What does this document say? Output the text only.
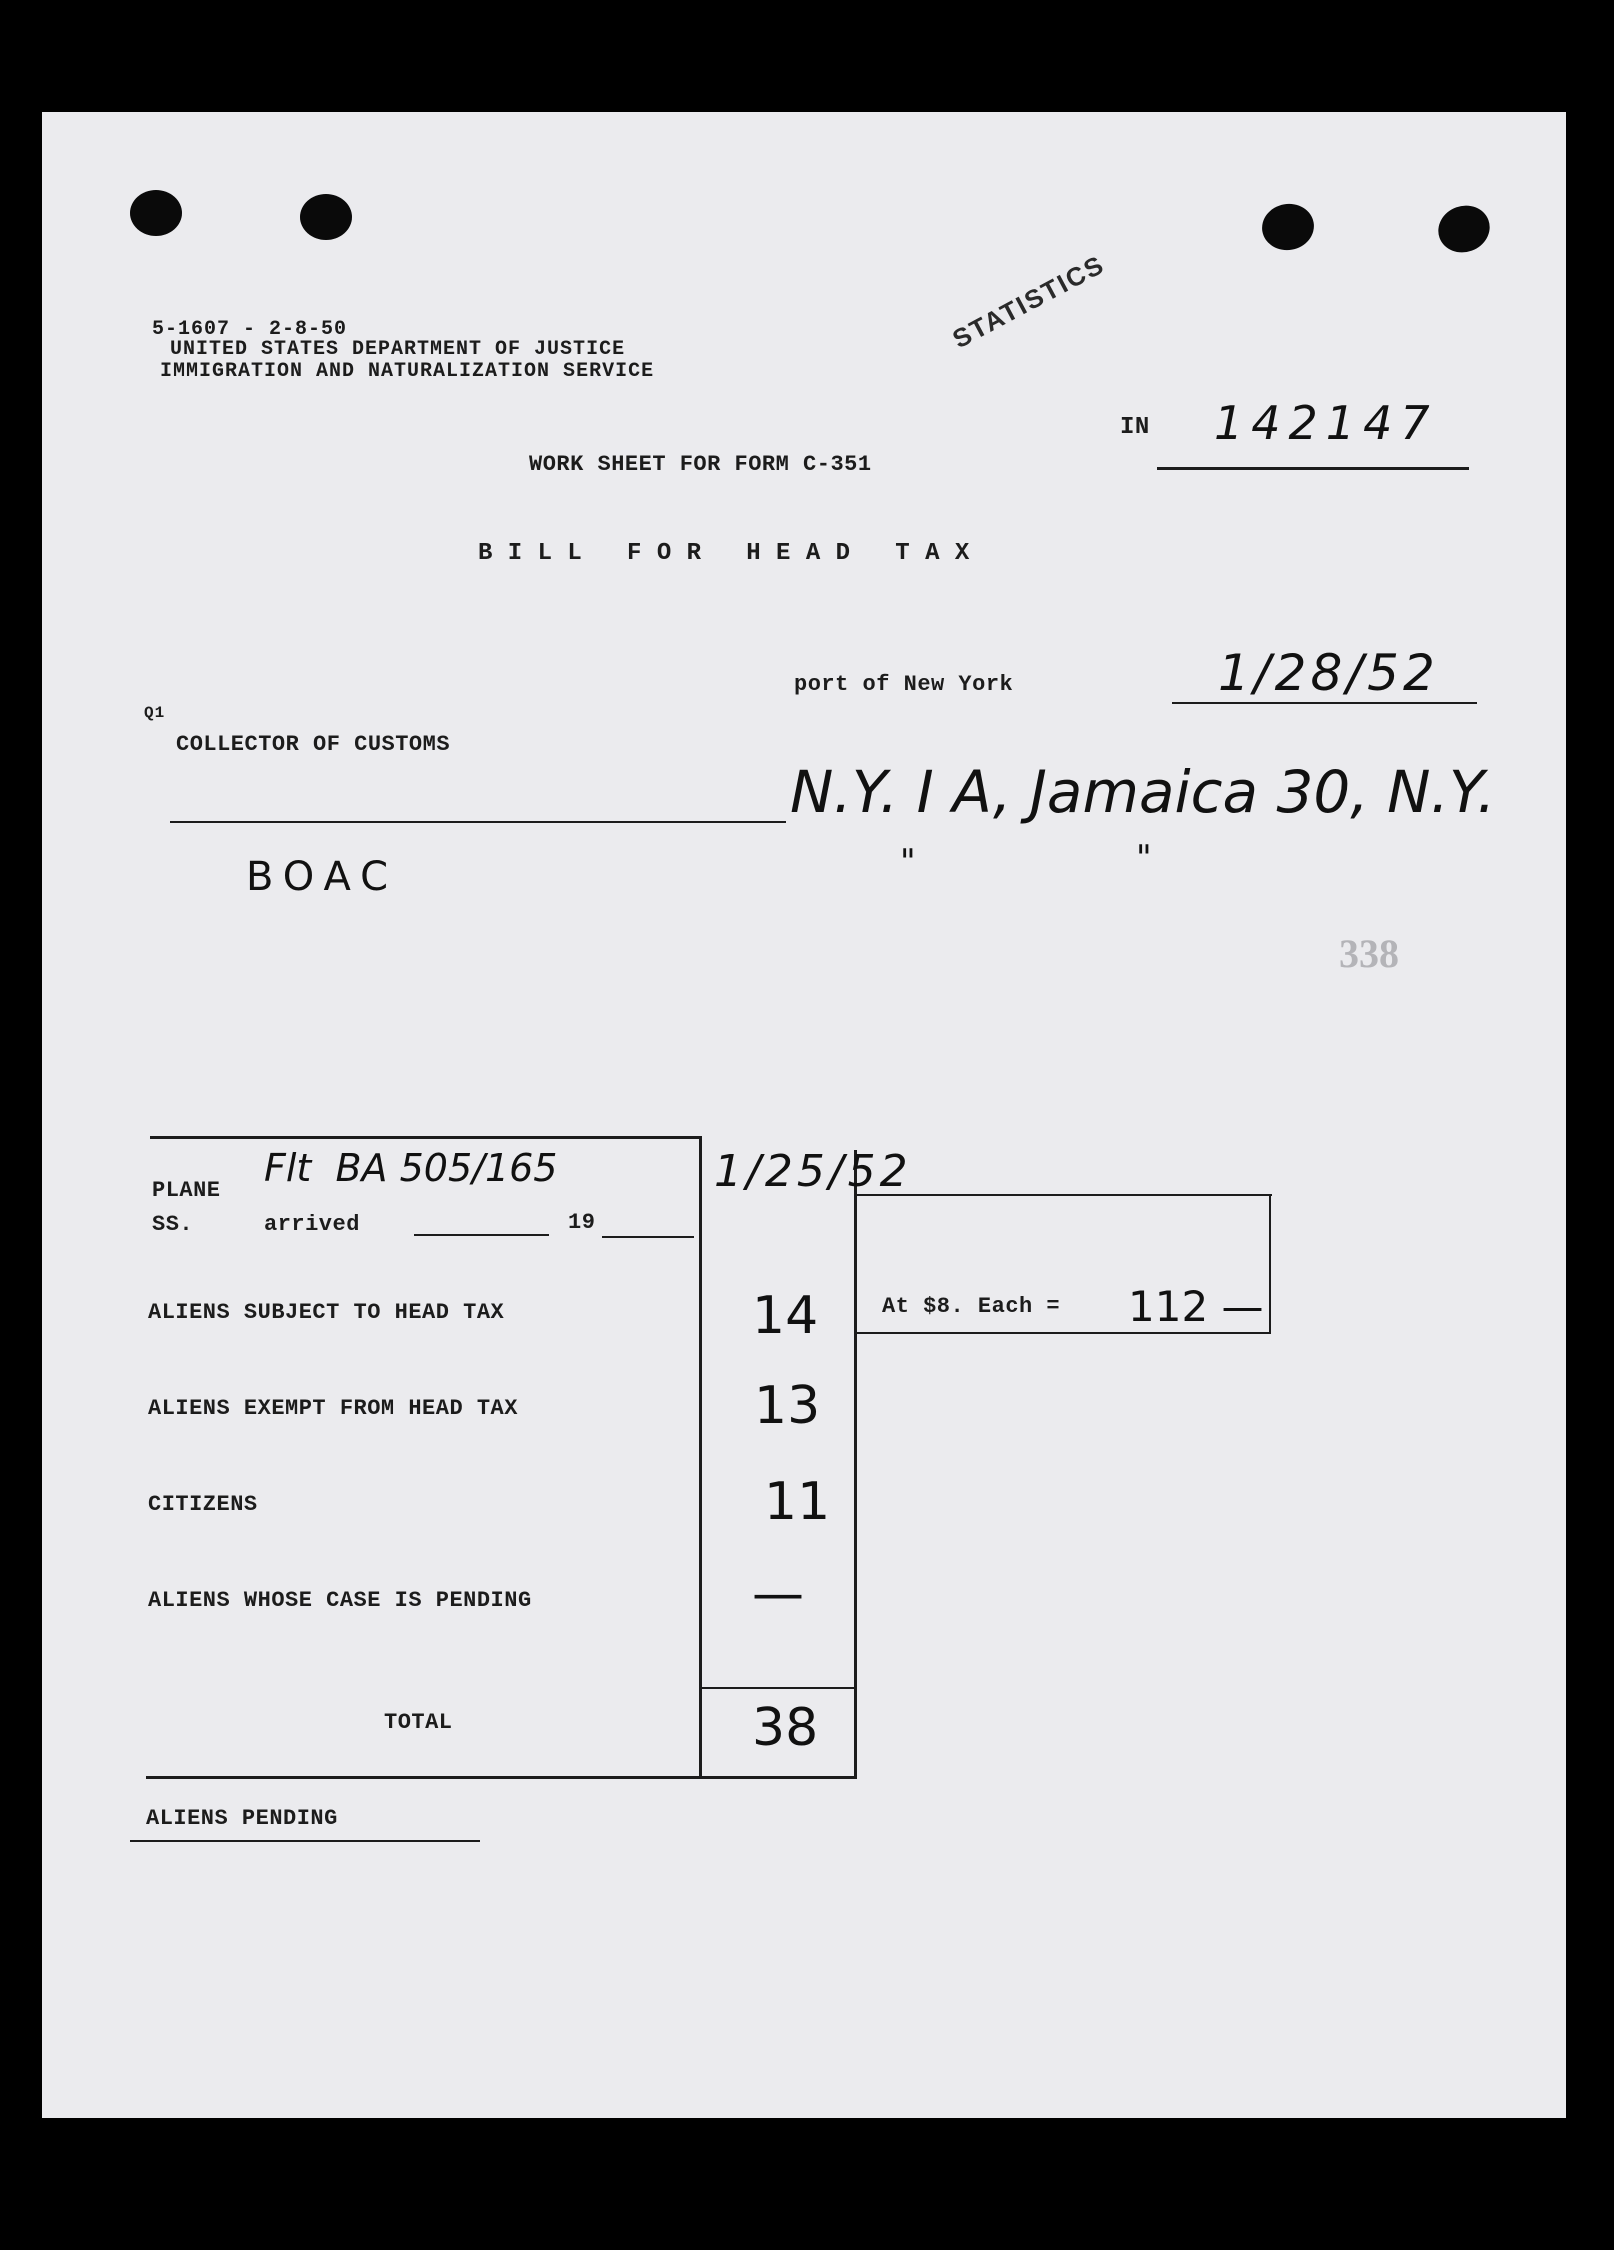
5-1607 - 2-8-50
UNITED STATES DEPARTMENT OF JUSTICE
IMMIGRATION AND NATURALIZATION SERVICE
STATISTICS
IN 142147
WORK SHEET FOR FORM C-351
B I L L   F O R   H E A D   T A X
port of New York	1/28/52
Q1
COLLECTOR OF CUSTOMS
N.Y. I A, Jamaica 30, N.Y.
"	"
BOAC
338
PLANE
SS.
Flt  BA 505/165
arrived	19
1/25/52
ALIENS SUBJECT TO HEAD TAX	14	At $8. Each = 112 —
ALIENS EXEMPT FROM HEAD TAX	13
CITIZENS	11
ALIENS WHOSE CASE IS PENDING	—
TOTAL	38
ALIENS PENDING
